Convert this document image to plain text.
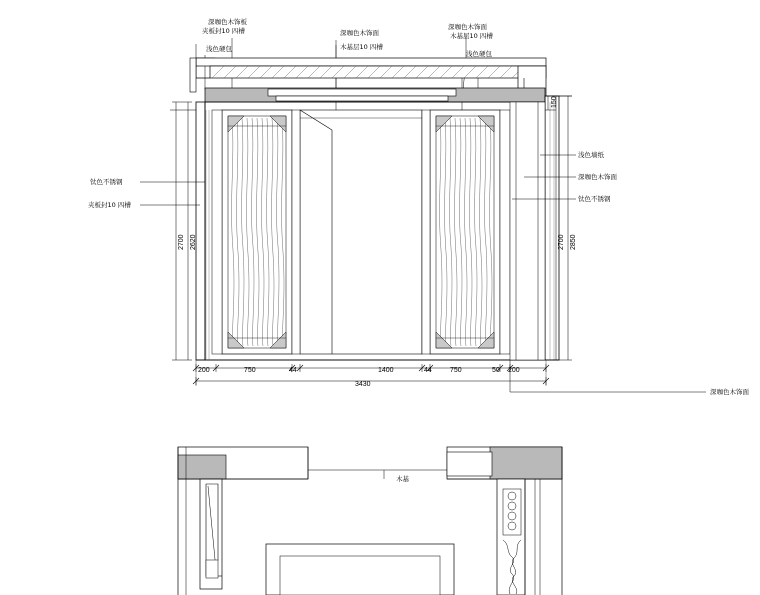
深咖色木饰板
夹板封10 四槽
浅色硬包
深咖色木饰面
木基层10 四槽
深咖色木饰面
木基层10 四槽
浅色硬包
钛色不锈钢
夹板封10 四槽
浅色墙纸
深咖色木饰面
钛色不锈钢
深咖色木饰面
木基
2700 2620	2700 2850
150
200	750	44	1400	44	750	50 200
3430
